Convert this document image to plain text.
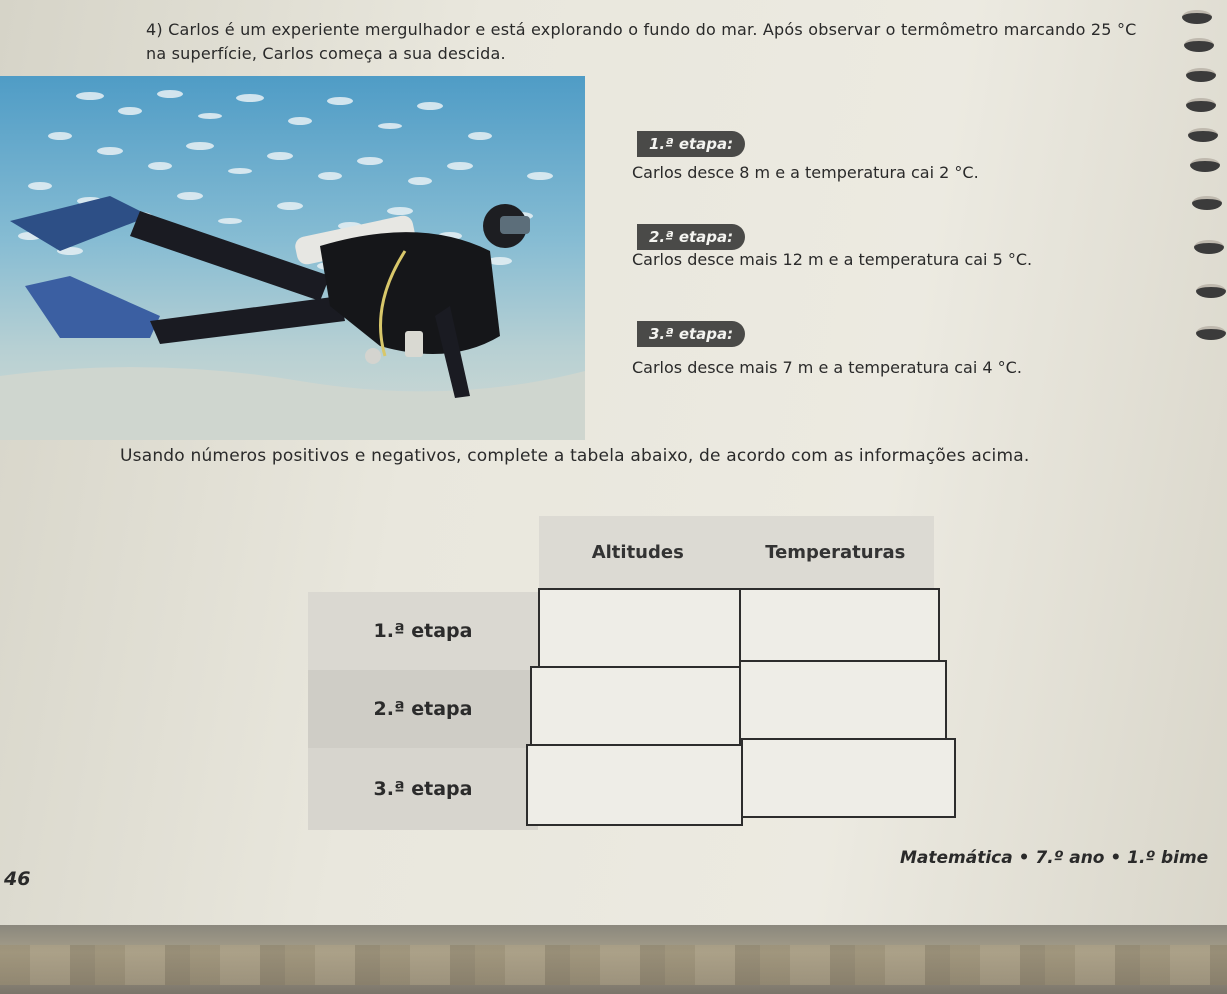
4) Carlos é um experiente mergulhador e está explorando o fundo do mar. Após observar o termômetro marcando 25 °C na superfície, Carlos começa a sua descida.
1.ª etapa:
Carlos desce 8 m e a temperatura cai 2 °C.
2.ª etapa:
Carlos desce mais 12 m e a temperatura cai 5 °C.
3.ª etapa:
Carlos desce mais 7 m e a temperatura cai 4 °C.
Usando números positivos e negativos, complete a tabela abaixo, de acordo com as informações acima.
Altitudes	Temperaturas
1.ª etapa
2.ª etapa
3.ª etapa
46
Matemática • 7.º ano • 1.º bime
